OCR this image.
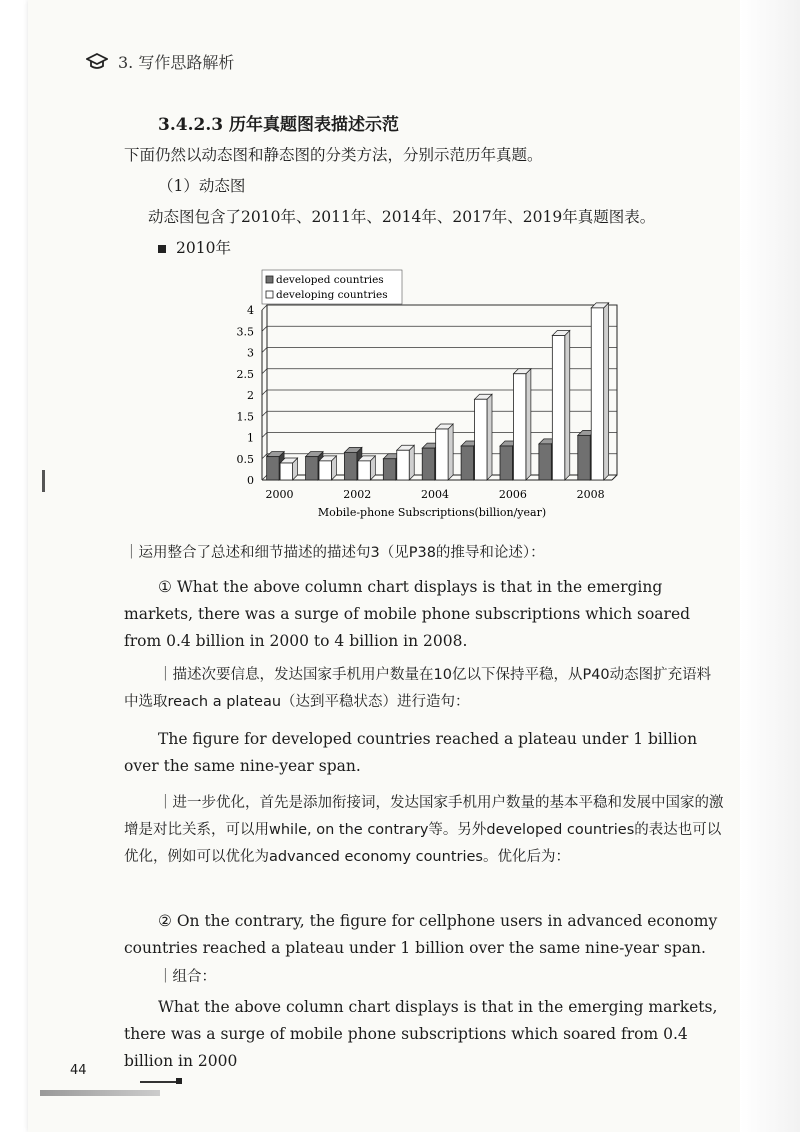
3. 写作思路解析
3.4.2.3 历年真题图表描述示范
下面仍然以动态图和静态图的分类方法，分别示范历年真题。
（1）动态图
动态图包含了2010年、2011年、2014年、2017年、2019年真题图表。
2010年
0
0.5
1
1.5
2
2.5
3
3.5
4
2000	2002	2004	2006	2008
developed countries
developing countries
Mobile-phone Subscriptions(billion/year)
｜运用整合了总述和细节描述的描述句3（见P38的推导和论述）：
① What the above column chart displays is that in the emerging markets, there was a surge of mobile phone subscriptions which soared from 0.4 billion in 2000 to 4 billion in 2008.
｜描述次要信息，发达国家手机用户数量在10亿以下保持平稳，从P40动态图扩充语料中选取reach a plateau（达到平稳状态）进行造句：
The figure for developed countries reached a plateau under 1 billion over the same nine-year span.
｜进一步优化，首先是添加衔接词，发达国家手机用户数量的基本平稳和发展中国家的激增是对比关系，可以用while, on the contrary等。另外developed countries的表达也可以优化，例如可以优化为advanced economy countries。优化后为：
② On the contrary, the figure for cellphone users in advanced economy countries reached a plateau under 1 billion over the same nine-year span.
｜组合：
What the above column chart displays is that in the emerging markets, there was a surge of mobile phone subscriptions which soared from 0.4 billion in 2000
44
